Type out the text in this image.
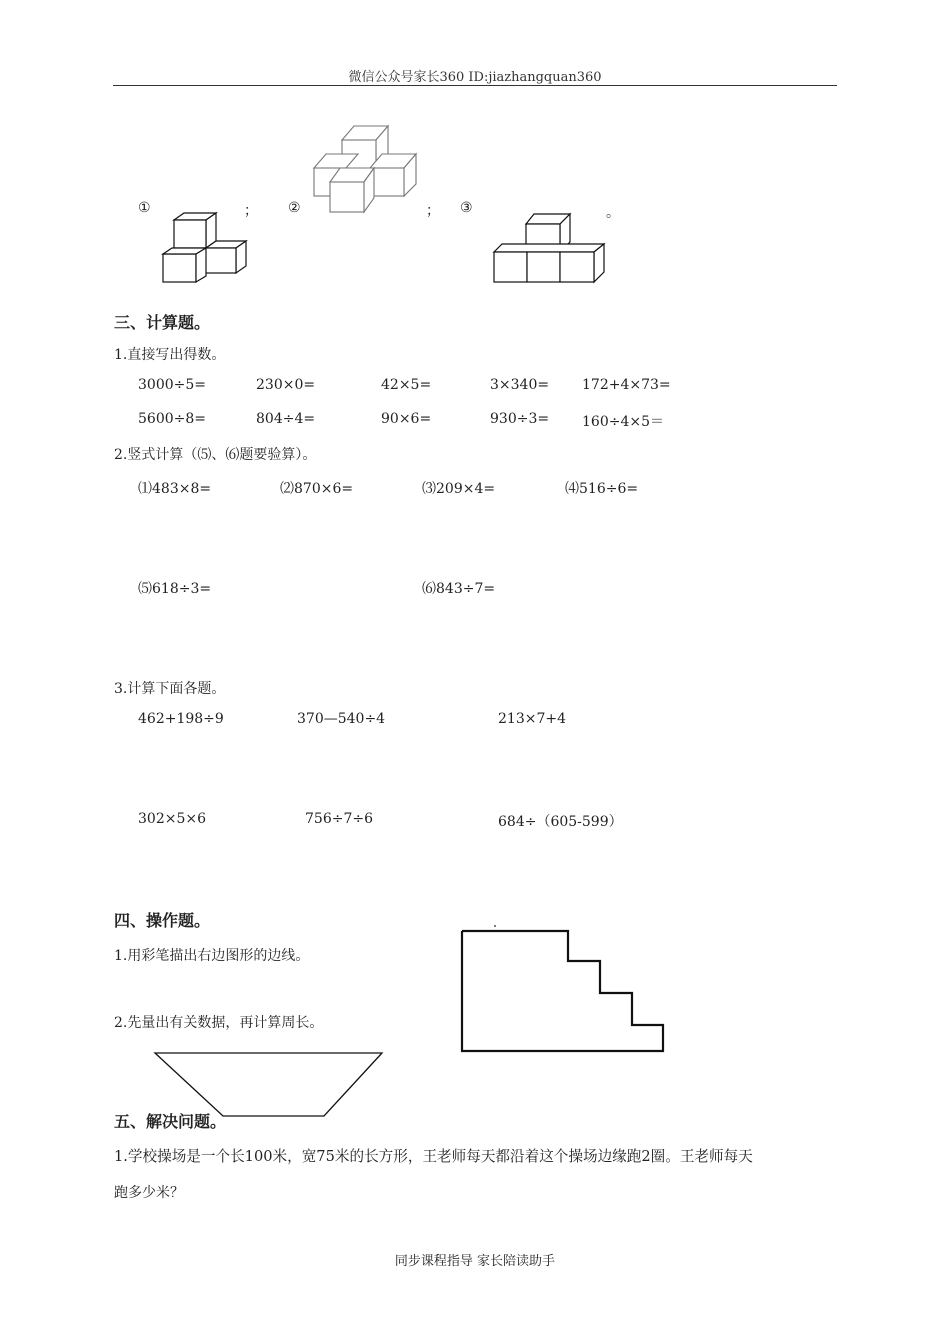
微信公众号家长360 ID:jiazhangquan360
①	； ②	； ③	。
三、计算题。
1.直接写出得数。
3000÷5=	230×0=	42×5=	3×340= 172+4×73=
5600÷8=	804÷4=	90×6=	930÷3= 160÷4×5＝
2.竖式计算（⑸、⑹题要验算）。
⑴483×8=	⑵870×6=	⑶209×4=	⑷516÷6=
⑸618÷3=	⑹843÷7=
3.计算下面各题。
462+198÷9	370—540÷4	213×7+4
302×5×6	756÷7÷6	684÷（605-599）
四、操作题。
1.用彩笔描出右边图形的边线。
2.先量出有关数据，再计算周长。
五、解决问题。
1.学校操场是一个长100米，宽75米的长方形，王老师每天都沿着这个操场边缘跑2圈。王老师每天
跑多少米？
同步课程指导 家长陪读助手
